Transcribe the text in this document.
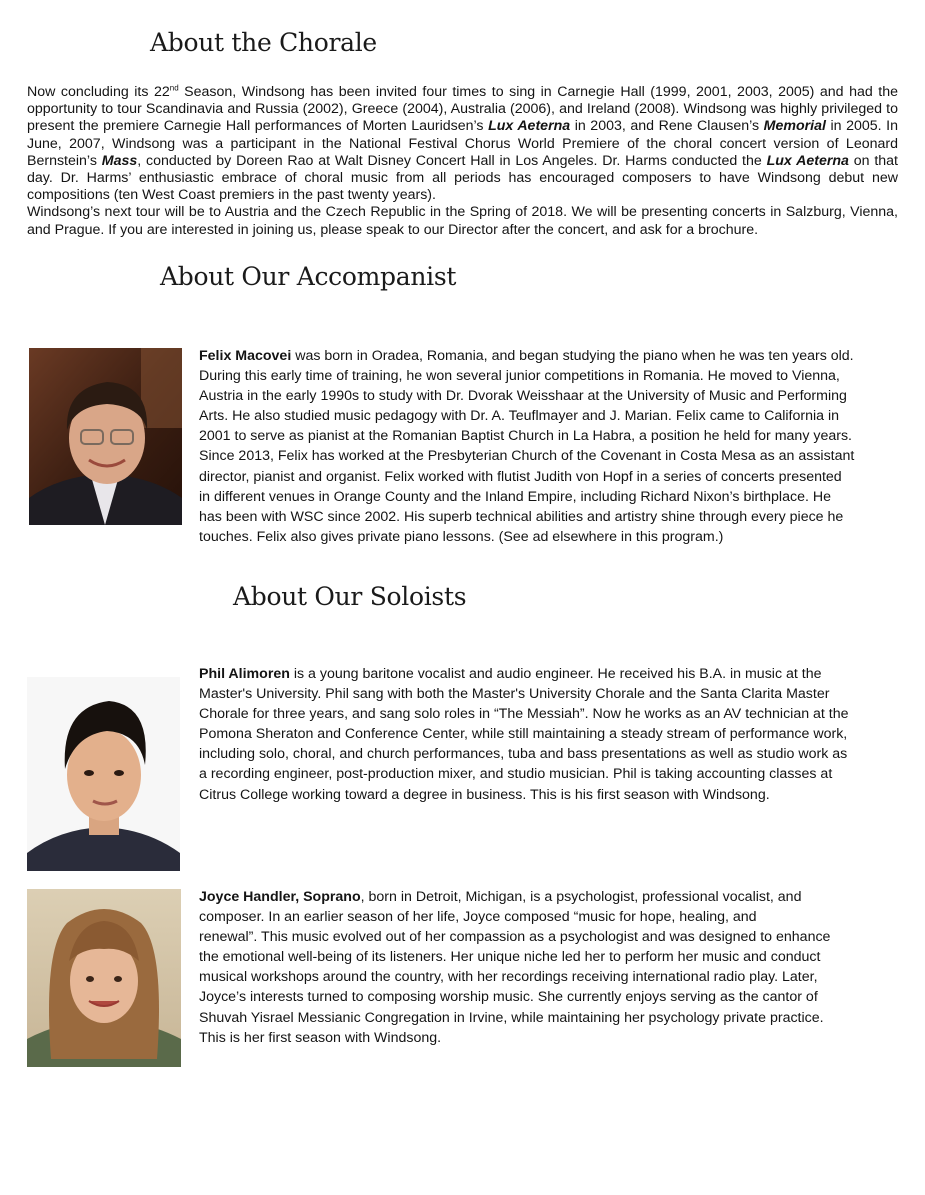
About the Chorale
About Our Accompanist
About Our Soloists

Now concluding its 22nd Season, Windsong has been invited four times to sing in Carnegie Hall (1999, 2001, 2003, 2005) and had the opportunity to tour Scandinavia and Russia (2002), Greece (2004), Australia (2006), and Ireland (2008). Windsong was highly privileged to present the premiere Carnegie Hall performances of Morten Lauridsen’s Lux Aeterna in 2003, and Rene Clausen’s Memorial in 2005. In June, 2007, Windsong was a participant in the National Festival Chorus World Premiere of the choral concert version of Leonard Bernstein’s Mass, conducted by Doreen Rao at Walt Disney Concert Hall in Los Angeles. Dr. Harms conducted the Lux Aeterna on that day. Dr. Harms’ enthusiastic embrace of choral music from all periods has encouraged composers to have Windsong debut new compositions (ten West Coast premiers in the past twenty years).

Windsong’s next tour will be to Austria and the Czech Republic in the Spring of 2018. We will be presenting concerts in Salzburg, Vienna, and Prague. If you are interested in joining us, please speak to our Director after the concert, and ask for a brochure.

Felix Macovei was born in Oradea, Romania, and began studying the piano when he was ten years old.

During this early time of training, he won several junior competitions in Romania. He moved to Vienna,

Austria in the early 1990s to study with Dr. Dvorak Weisshaar at the University of Music and Performing

Arts. He also studied music pedagogy with Dr. A. Teuflmayer and J. Marian. Felix came to California in

2001 to serve as pianist at the Romanian Baptist Church in La Habra, a position he held for many years.

Since 2013, Felix has worked at the Presbyterian Church of the Covenant in Costa Mesa as an assistant

director, pianist and organist. Felix worked with flutist Judith von Hopf in a series of concerts presented

in different venues in Orange County and the Inland Empire, including Richard Nixon’s birthplace. He

has been with WSC since 2002. His superb technical abilities and artistry shine through every piece he

touches. Felix also gives private piano lessons. (See ad elsewhere in this program.)

Phil Alimoren is a young baritone vocalist and audio engineer. He received his B.A. in music at the

Master's University. Phil sang with both the Master's University Chorale and the Santa Clarita Master

Chorale for three years, and sang solo roles in “The Messiah”. Now he works as an AV technician at the

Pomona Sheraton and Conference Center, while still maintaining a steady stream of performance work,

including solo, choral, and church performances, tuba and bass presentations as well as studio work as

a recording engineer, post-production mixer, and studio musician. Phil is taking accounting classes at

Citrus College working toward a degree in business. This is his first season with Windsong.

Joyce Handler, Soprano, born in Detroit, Michigan, is a psychologist, professional vocalist, and

composer. In an earlier season of her life, Joyce composed “music for hope, healing, and

renewal”. This music evolved out of her compassion as a psychologist and was designed to enhance

the emotional well-being of its listeners. Her unique niche led her to perform her music and conduct

musical workshops around the country, with her recordings receiving international radio play. Later,

Joyce’s interests turned to composing worship music. She currently enjoys serving as the cantor of

Shuvah Yisrael Messianic Congregation in Irvine, while maintaining her psychology private practice.

This is her first season with Windsong.
